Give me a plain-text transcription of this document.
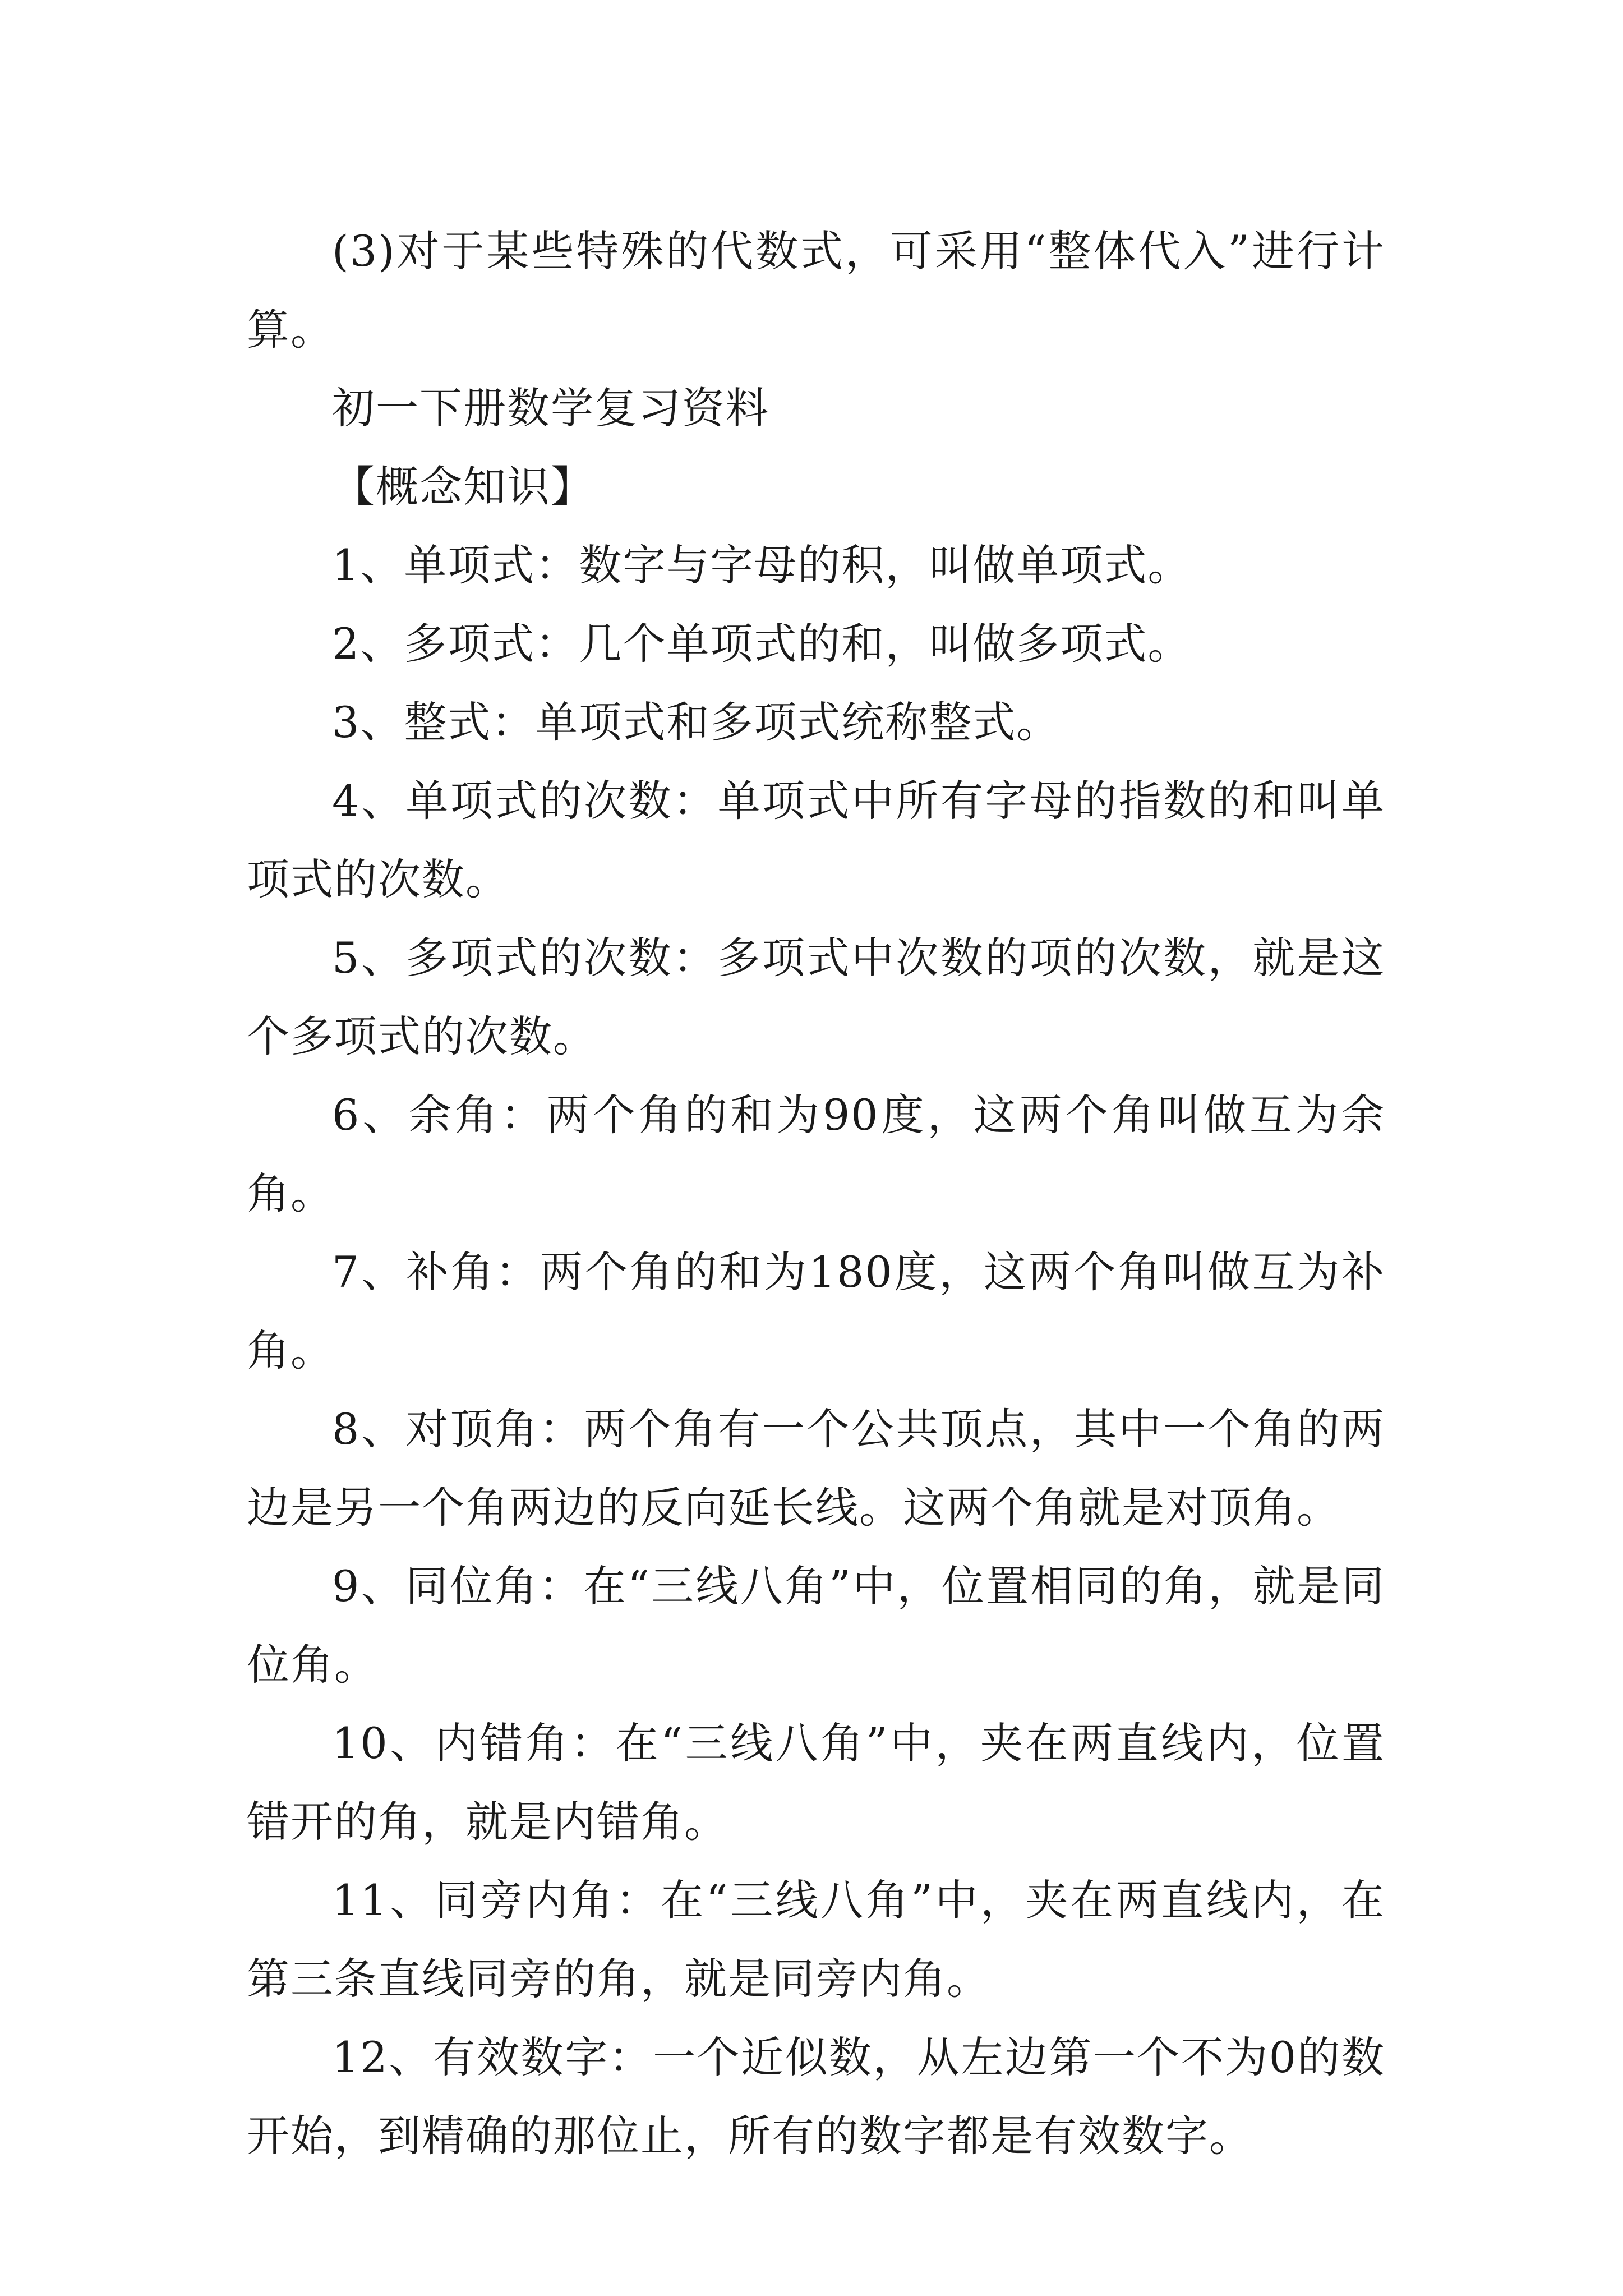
(3)对于某些特殊的代数式，可采用“整体代入”进行计算。

初一下册数学复习资料

【概念知识】

1、单项式：数字与字母的积，叫做单项式。

2、多项式：几个单项式的和，叫做多项式。

3、整式：单项式和多项式统称整式。

4、单项式的次数：单项式中所有字母的指数的和叫单项式的次数。

5、多项式的次数：多项式中次数的项的次数，就是这个多项式的次数。

6、余角：两个角的和为90度，这两个角叫做互为余角。

7、补角：两个角的和为180度，这两个角叫做互为补角。

8、对顶角：两个角有一个公共顶点，其中一个角的两边是另一个角两边的反向延长线。这两个角就是对顶角。

9、同位角：在“三线八角”中，位置相同的角，就是同位角。

10、内错角：在“三线八角”中，夹在两直线内，位置错开的角，就是内错角。

11、同旁内角：在“三线八角”中，夹在两直线内，在第三条直线同旁的角，就是同旁内角。

12、有效数字：一个近似数，从左边第一个不为0的数开始，到精确的那位止，所有的数字都是有效数字。
